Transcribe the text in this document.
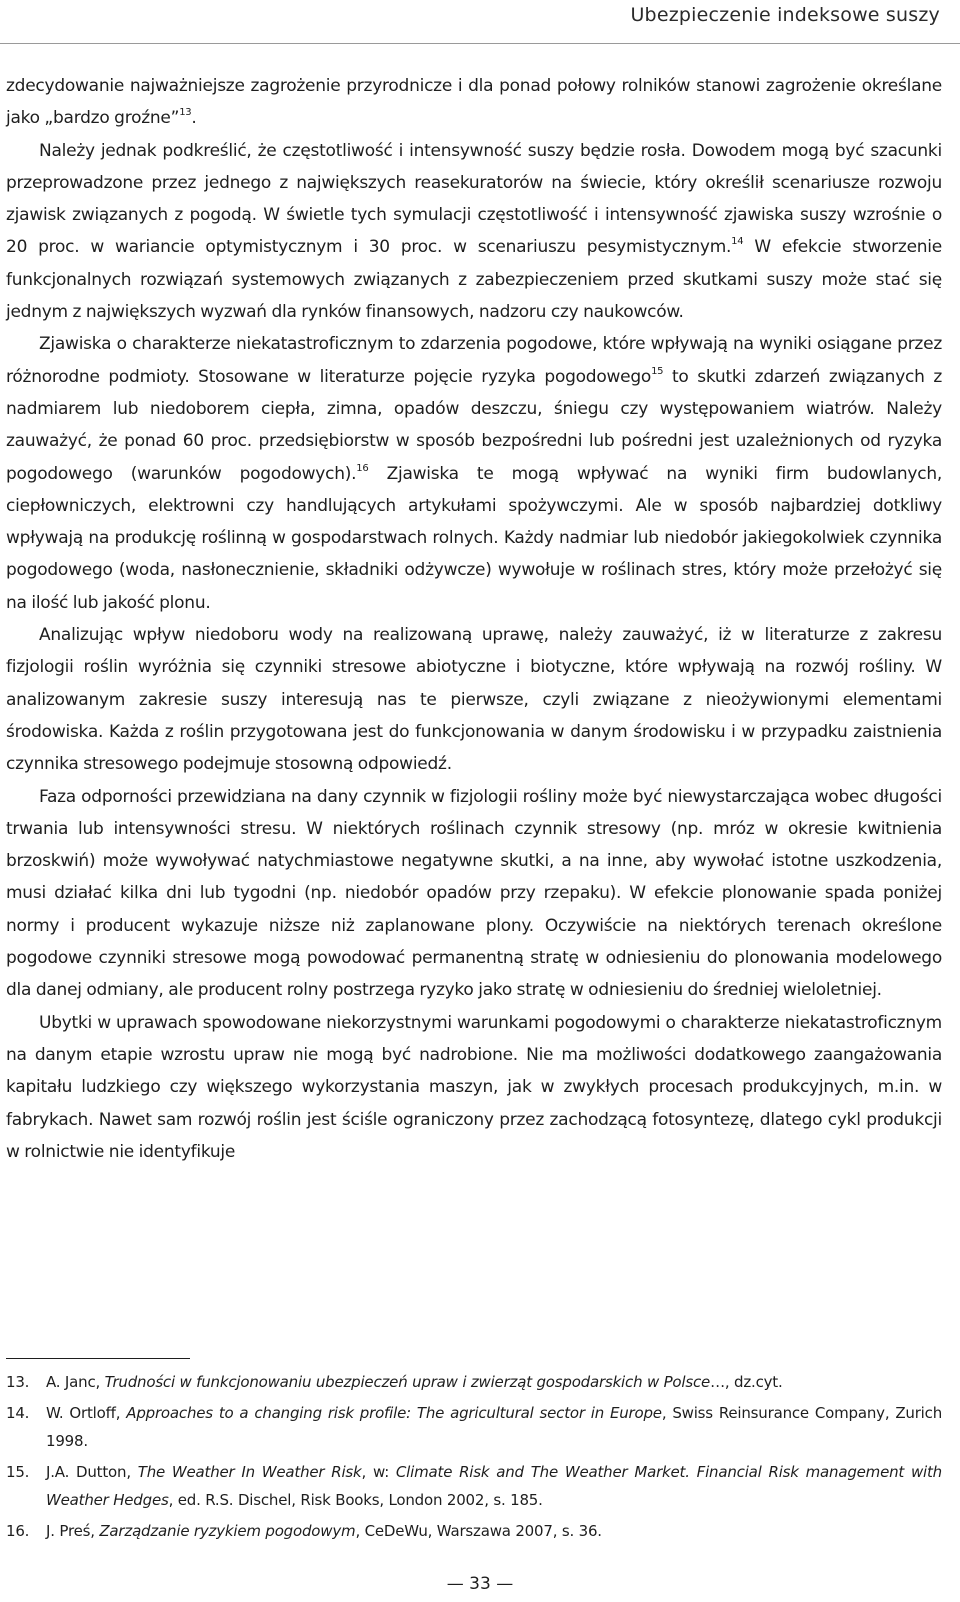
Ubezpieczenie indeksowe suszy

zdecydowanie najważniejsze zagrożenie przyrodnicze i dla ponad połowy rolników stanowi zagrożenie określane jako „bardzo groźne”$^{13}$.

Należy jednak podkreślić, że częstotliwość i intensywność suszy będzie rosła. Dowodem mogą być szacunki przeprowadzone przez jednego z największych reasekuratorów na świecie, który określił scenariusze rozwoju zjawisk związanych z pogodą. W świetle tych symulacji częstotliwość i intensywność zjawiska suszy wzrośnie o 20 proc. w wariancie optymistycznym i 30 proc. w scenariuszu pesymistycznym.$^{14}$ W efekcie stworzenie funkcjonalnych rozwiązań systemowych związanych z zabezpieczeniem przed skutkami suszy może stać się jednym z największych wyzwań dla rynków finansowych, nadzoru czy naukowców.

Zjawiska o charakterze niekatastroficznym to zdarzenia pogodowe, które wpływają na wyniki osiągane przez różnorodne podmioty. Stosowane w literaturze pojęcie ryzyka pogodowego$^{15}$ to skutki zdarzeń związanych z nadmiarem lub niedoborem ciepła, zimna, opadów deszczu, śniegu czy występowaniem wiatrów. Należy zauważyć, że ponad 60 proc. przedsiębiorstw w sposób bezpośredni lub pośredni jest uzależnionych od ryzyka pogodowego (warunków pogodowych).$^{16}$ Zjawiska te mogą wpływać na wyniki firm budowlanych, ciepłowniczych, elektrowni czy handlujących artykułami spożywczymi. Ale w sposób najbardziej dotkliwy wpływają na produkcję roślinną w gospodarstwach rolnych. Każdy nadmiar lub niedobór jakiegokolwiek czynnika pogodowego (woda, nasłonecznienie, składniki odżywcze) wywołuje w roślinach stres, który może przełożyć się na ilość lub jakość plonu.

Analizując wpływ niedoboru wody na realizowaną uprawę, należy zauważyć, iż w literaturze z zakresu fizjologii roślin wyróżnia się czynniki stresowe abiotyczne i biotyczne, które wpływają na rozwój rośliny. W analizowanym zakresie suszy interesują nas te pierwsze, czyli związane z nieożywionymi elementami środowiska. Każda z roślin przygotowana jest do funkcjonowania w danym środowisku i w przypadku zaistnienia czynnika stresowego podejmuje stosowną odpowiedź.

Faza odporności przewidziana na dany czynnik w fizjologii rośliny może być niewystarczająca wobec długości trwania lub intensywności stresu. W niektórych roślinach czynnik stresowy (np. mróz w okresie kwitnienia brzoskwiń) może wywoływać natychmiastowe negatywne skutki, a na inne, aby wywołać istotne uszkodzenia, musi działać kilka dni lub tygodni (np. niedobór opadów przy rzepaku). W efekcie plonowanie spada poniżej normy i producent wykazuje niższe niż zaplanowane plony. Oczywiście na niektórych terenach określone pogodowe czynniki stresowe mogą powodować permanentną stratę w odniesieniu do plonowania modelowego dla danej odmiany, ale producent rolny postrzega ryzyko jako stratę w odniesieniu do średniej wieloletniej.

Ubytki w uprawach spowodowane niekorzystnymi warunkami pogodowymi o charakterze niekatastroficznym na danym etapie wzrostu upraw nie mogą być nadrobione. Nie ma możliwości dodatkowego zaangażowania kapitału ludzkiego czy większego wykorzystania maszyn, jak w zwykłych procesach produkcyjnych, m.in. w fabrykach. Nawet sam rozwój roślin jest ściśle ograniczony przez zachodzącą fotosyntezę, dlatego cykl produkcji w rolnictwie nie identyfikuje

13. A. Janc, Trudności w funkcjonowaniu ubezpieczeń upraw i zwierząt gospodarskich w Polsce…, dz.cyt.
14. W. Ortloff, Approaches to a changing risk profile: The agricultural sector in Europe, Swiss Reinsurance Company, Zurich 1998.
15. J.A. Dutton, The Weather In Weather Risk, w: Climate Risk and The Weather Market. Financial Risk management with Weather Hedges, ed. R.S. Dischel, Risk Books, London 2002, s. 185.
16. J. Preś, Zarządzanie ryzykiem pogodowym, CeDeWu, Warszawa 2007, s. 36.
— 33 —
